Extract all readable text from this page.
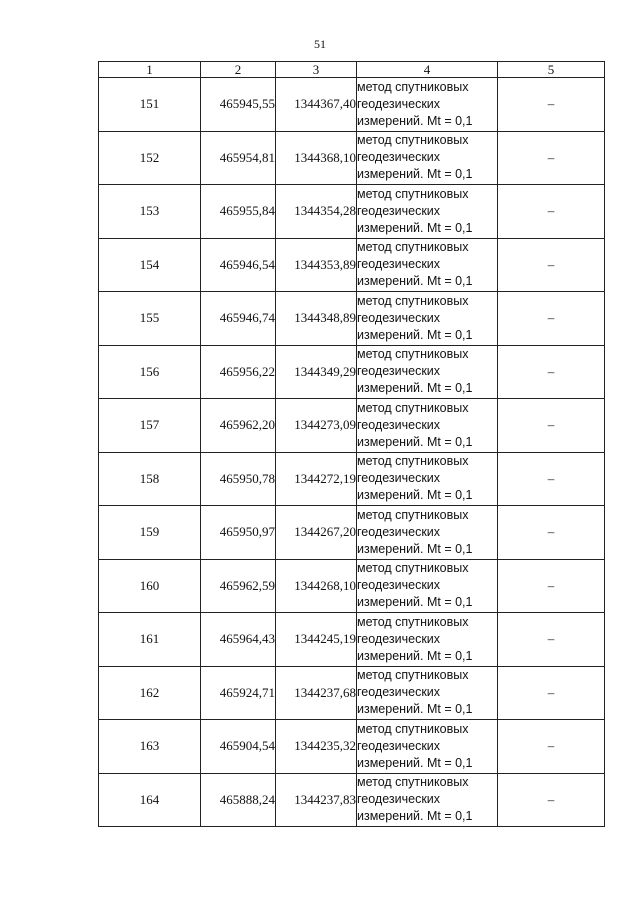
51
1	2	3	4	5
151	465945,55	1344367,40	метод спутниковых
геодезических
измерений. Mt = 0,1	–
152	465954,81	1344368,10	метод спутниковых
геодезических
измерений. Mt = 0,1	–
153	465955,84	1344354,28	метод спутниковых
геодезических
измерений. Mt = 0,1	–
154	465946,54	1344353,89	метод спутниковых
геодезических
измерений. Mt = 0,1	–
155	465946,74	1344348,89	метод спутниковых
геодезических
измерений. Mt = 0,1	–
156	465956,22	1344349,29	метод спутниковых
геодезических
измерений. Mt = 0,1	–
157	465962,20	1344273,09	метод спутниковых
геодезических
измерений. Mt = 0,1	–
158	465950,78	1344272,19	метод спутниковых
геодезических
измерений. Mt = 0,1	–
159	465950,97	1344267,20	метод спутниковых
геодезических
измерений. Mt = 0,1	–
160	465962,59	1344268,10	метод спутниковых
геодезических
измерений. Mt = 0,1	–
161	465964,43	1344245,19	метод спутниковых
геодезических
измерений. Mt = 0,1	–
162	465924,71	1344237,68	метод спутниковых
геодезических
измерений. Mt = 0,1	–
163	465904,54	1344235,32	метод спутниковых
геодезических
измерений. Mt = 0,1	–
164	465888,24	1344237,83	метод спутниковых
геодезических
измерений. Mt = 0,1	–
